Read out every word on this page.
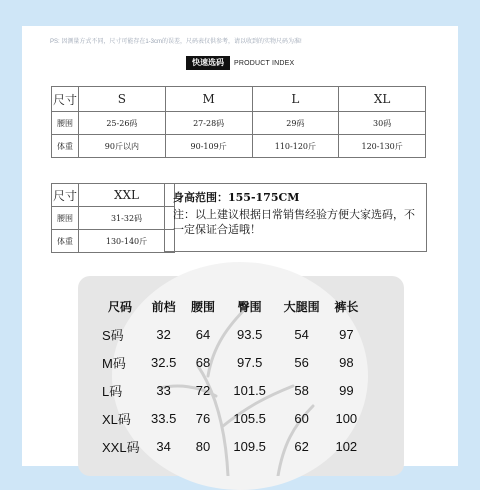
PS: 因测量方式不同，尺寸可能存在1-3cm的误差，尺码表仅供参考，请以收到的实物尺码为准!
快速选码	PRODUCT INDEX
尺寸	S	M	L	XL
腰围	25-26码	27-28码	29码	30码
体重	90斤以内	90-109斤	110-120斤	120-130斤
尺寸	XXL
腰围	31-32码
体重	130-140斤
身高范围：155-175CM
注：以上建议根据日常销售经验方便大家选码，不一定保证合适哦！
尺码	前档	腰围	臀围	大腿围	裤长
S码	32	64	93.5	54	97
M码	32.5	68	97.5	56	98
L码	33	72	101.5	58	99
XL码	33.5	76	105.5	60	100
XXL码	34	80	109.5	62	102
